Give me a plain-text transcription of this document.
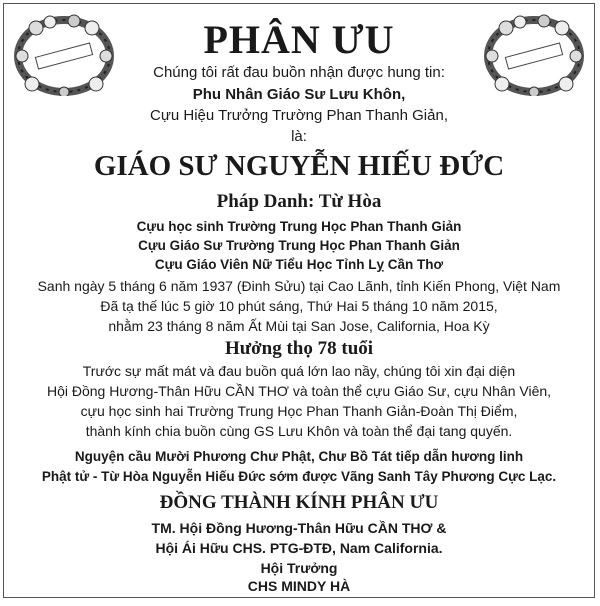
PHÂN ƯU
Chúng tôi rất đau buồn nhận được hung tin:
Phu Nhân Giáo Sư Lưu Khôn,
Cựu Hiệu Trưởng Trường Phan Thanh Giản,
là:
GIÁO SƯ NGUYỄN HIẾU ĐỨC
Pháp Danh: Từ Hòa
Cựu học sinh Trường Trung Học Phan Thanh Giản
Cựu Giáo Sư Trường Trung Học Phan Thanh Giản
Cựu Giáo Viên Nữ Tiểu Học Tỉnh Lỵ Cần Thơ
Sanh ngày 5 tháng 6 năm 1937 (Đinh Sửu) tại Cao Lãnh, tỉnh Kiến Phong, Việt Nam
Đã tạ thế lúc 5 giờ 10 phút sáng, Thứ Hai 5 tháng 10 năm 2015,
nhằm 23 tháng 8 năm Ất Mùi tại San Jose, California, Hoa Kỳ
Hưởng thọ 78 tuổi
Trước sự mất mát và đau buồn quá lớn lao nầy, chúng tôi xin đại diện
Hội Đồng Hương-Thân Hữu CẦN THƠ và toàn thể cựu Giáo Sư, cựu Nhân Viên,
cựu học sinh hai Trường Trung Học Phan Thanh Giản-Đoàn Thị Điểm,
thành kính chia buồn cùng GS Lưu Khôn và toàn thể đại tang quyến.
Nguyện cầu Mười Phương Chư Phật, Chư Bồ Tát tiếp dẫn hương linh
Phật tử - Từ Hòa Nguyễn Hiếu Đức sớm được Vãng Sanh Tây Phương Cực Lạc.
ĐỒNG THÀNH KÍNH PHÂN ƯU
TM. Hội Đồng Hương-Thân Hữu CẦN THƠ &
Hội Ái Hữu CHS. PTG-ĐTĐ, Nam California.
Hội Trưởng
CHS MINDY HÀ
